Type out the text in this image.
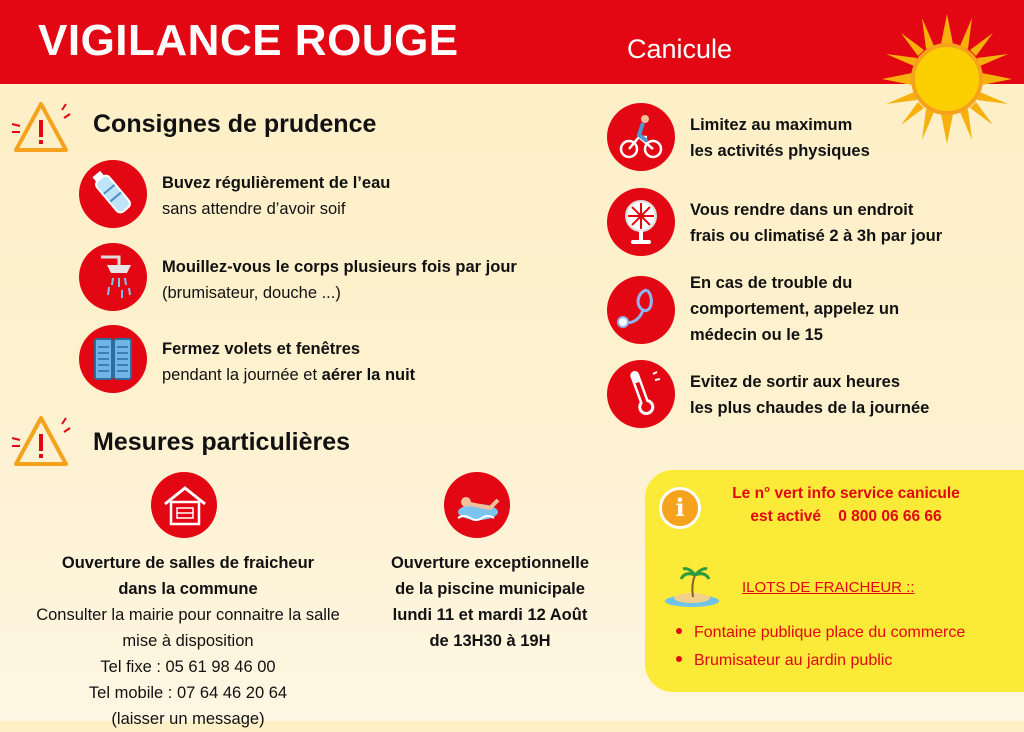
VIGILANCE ROUGE	Canicule
Consignes de prudence
Buvez régulièrement de l’eau
sans attendre d’avoir soif
Mouillez-vous le corps plusieurs fois par jour
(brumisateur, douche ...)
Fermez volets et fenêtres
pendant la journée et aérer la nuit
Limitez au maximum
les activités physiques
Vous rendre dans un endroit
frais ou climatisé 2 à 3h par jour
En cas de trouble du
comportement, appelez un
médecin ou le 15
Evitez de sortir aux heures
les plus chaudes de la journée
Mesures particulières
Ouverture de salles de fraicheur
dans la commune
Consulter la mairie pour connaitre la salle
mise à disposition
Tel fixe : 05 61 98 46 00
Tel mobile : 07 64 46 20 64
(laisser un message)
Ouverture exceptionnelle
de la piscine municipale
lundi 11 et mardi 12 Août
de 13H30 à 19H
i	Le n° vert info service canicule
est activé 0 800 06 66 66
ILOTS DE FRAICHEUR ::
Fontaine publique place du commerce
Brumisateur au jardin public
